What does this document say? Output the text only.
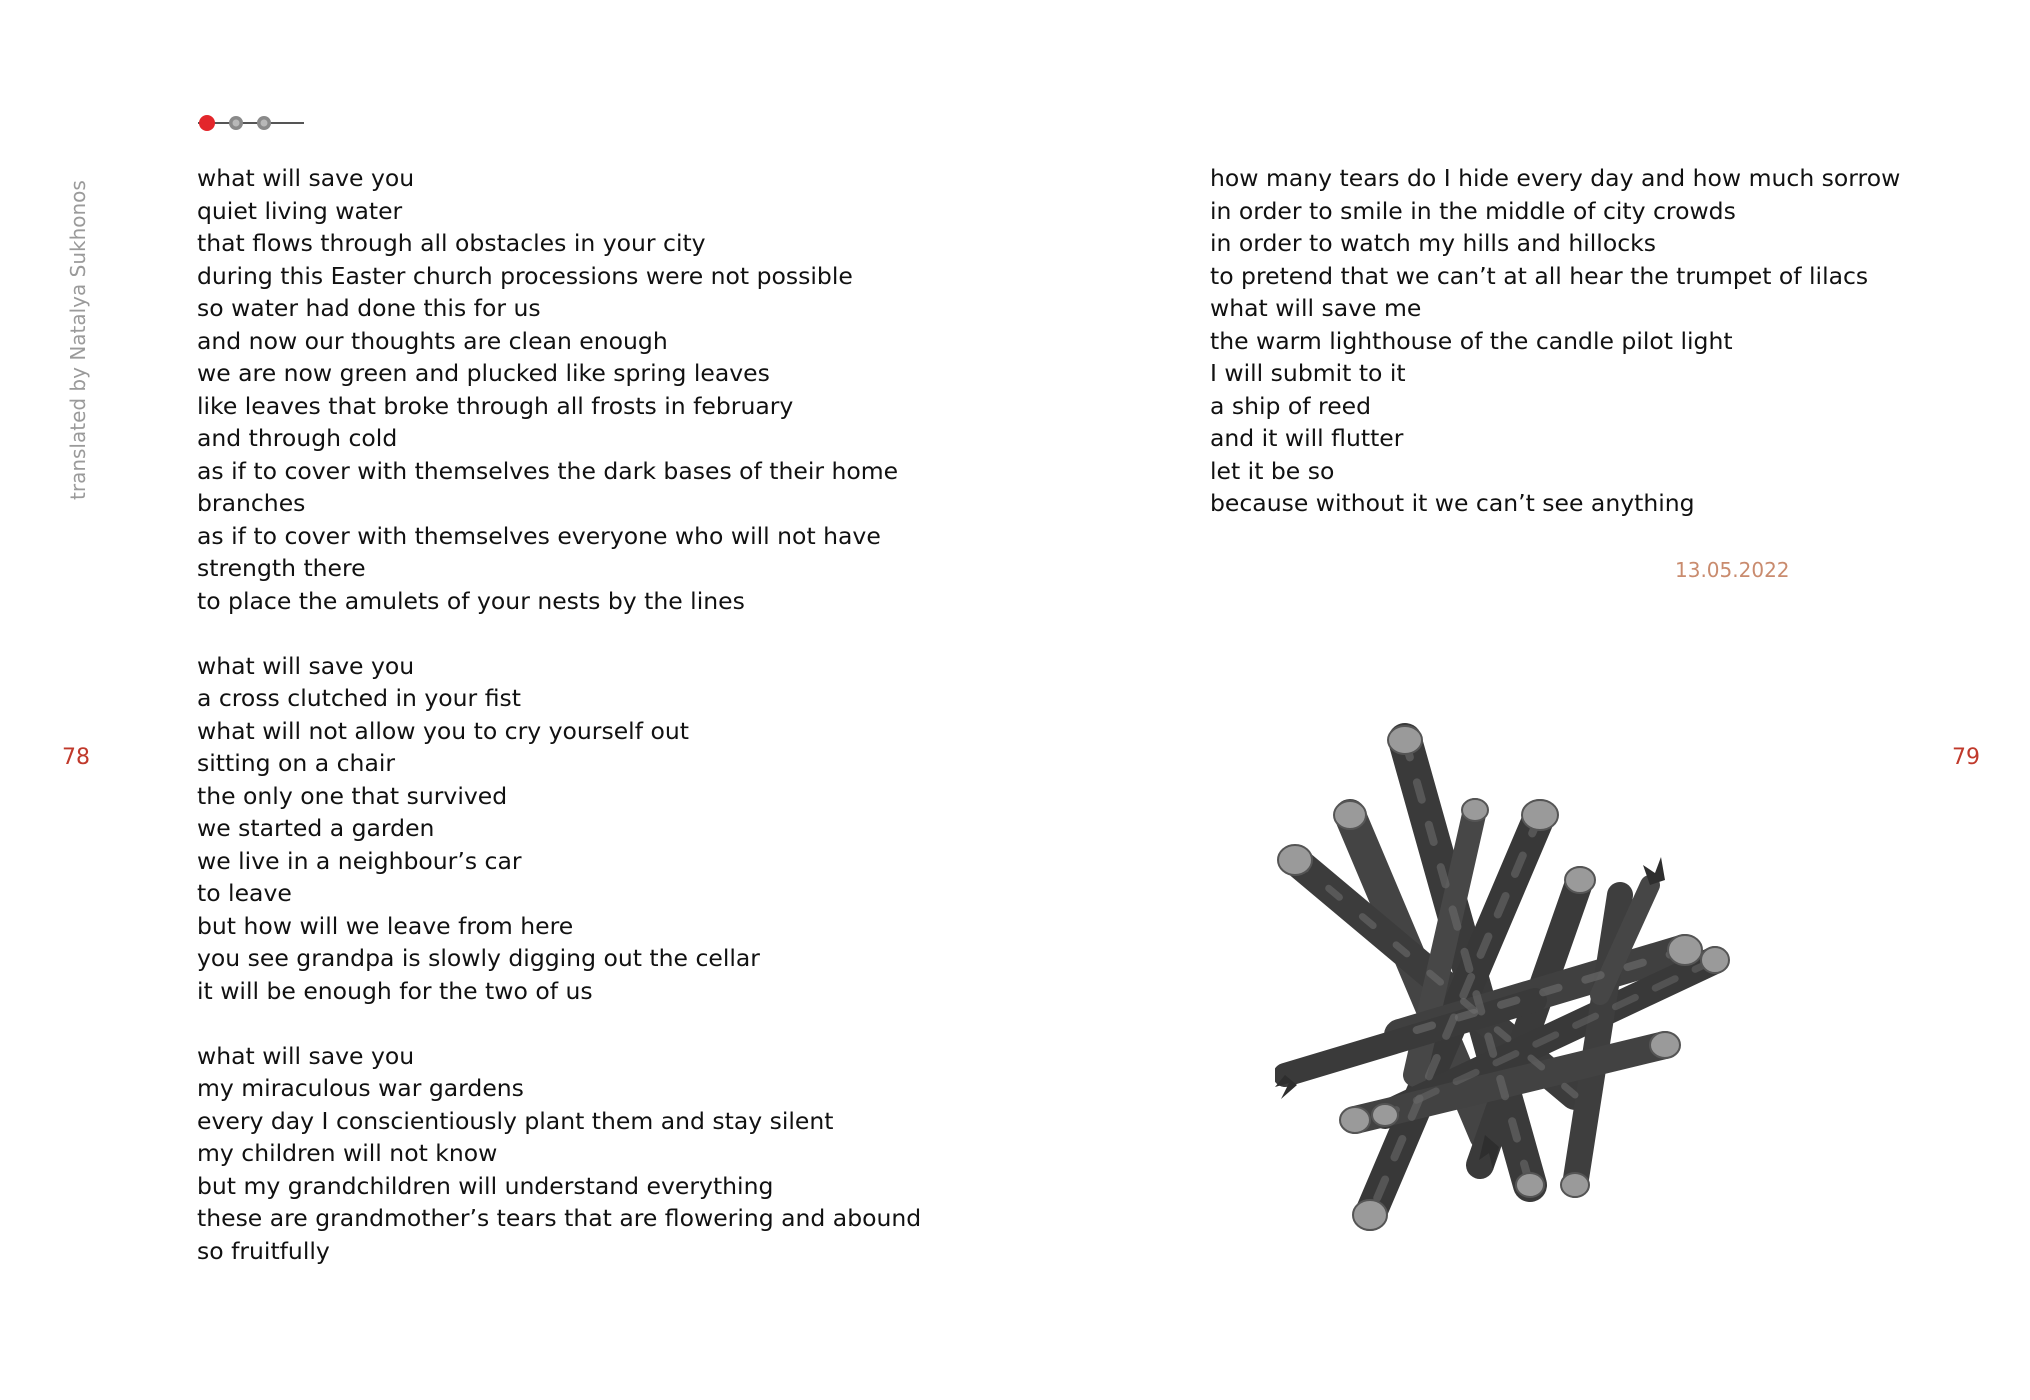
translated by Natalya Sukhonos
what will save you
quiet living water
that flows through all obstacles in your city
during this Easter church processions were not possible
so water had done this for us
and now our thoughts are clean enough
we are now green and plucked like spring leaves
like leaves that broke through all frosts in february
and through cold
as if to cover with themselves the dark bases of their home
branches
as if to cover with themselves everyone who will not have
strength there
to place the amulets of your nests by the lines
what will save you
a cross clutched in your fist
what will not allow you to cry yourself out
sitting on a chair
the only one that survived
we started a garden
we live in a neighbour’s car
to leave
but how will we leave from here
you see grandpa is slowly digging out the cellar
it will be enough for the two of us
what will save you
my miraculous war gardens
every day I conscientiously plant them and stay silent
my children will not know
but my grandchildren will understand everything
these are grandmother’s tears that are flowering and abound
so fruitfully
78	79
how many tears do I hide every day and how much sorrow
in order to smile in the middle of city crowds
in order to watch my hills and hillocks
to pretend that we can’t at all hear the trumpet of lilacs
what will save me
the warm lighthouse of the candle pilot light
I will submit to it
a ship of reed
and it will flutter
let it be so
because without it we can’t see anything
13.05.2022
